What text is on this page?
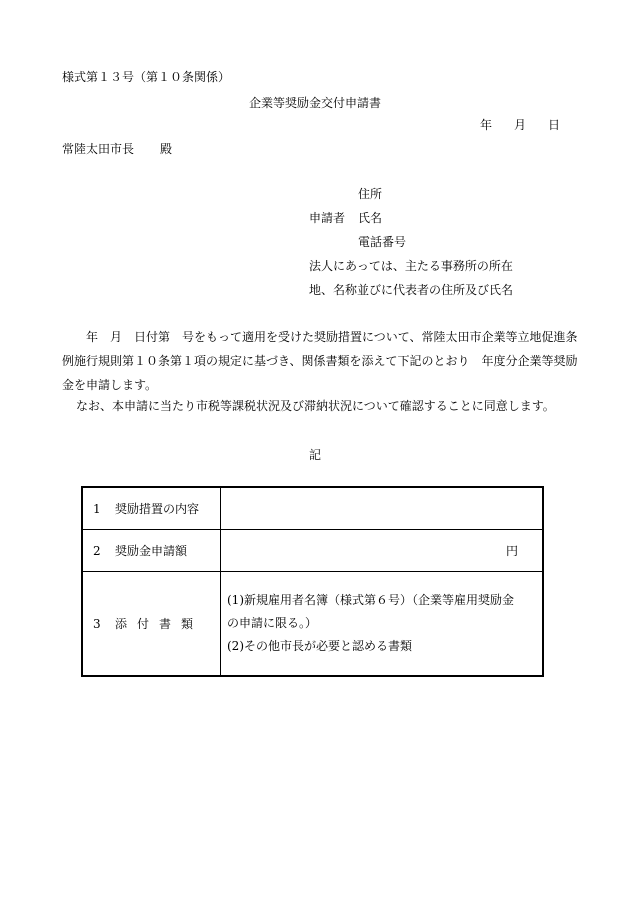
様式第１３号（第１０条関係）
企業等奨励金交付申請書
年 月 日
常陸太田市長 殿
住所
申請者 氏名
電話番号
法人にあっては、主たる事務所の所在
地、名称並びに代表者の住所及び氏名
　　年　月　日付第　号をもって適用を受けた奨励措置について、常陸太田市企業等立地促進条例施行規則第１０条第１項の規定に基づき、関係書類を添えて下記のとおり　年度分企業等奨励金を申請します。
なお、本申請に当たり市税等課税状況及び滞納状況について確認することに同意します。
記
1 奨励措置の内容	
2 奨励金申請額	円
3 添付書類	(1)新規雇用者名簿（様式第６号）（企業等雇用奨励金
の申請に限る。）
(2)その他市長が必要と認める書類
